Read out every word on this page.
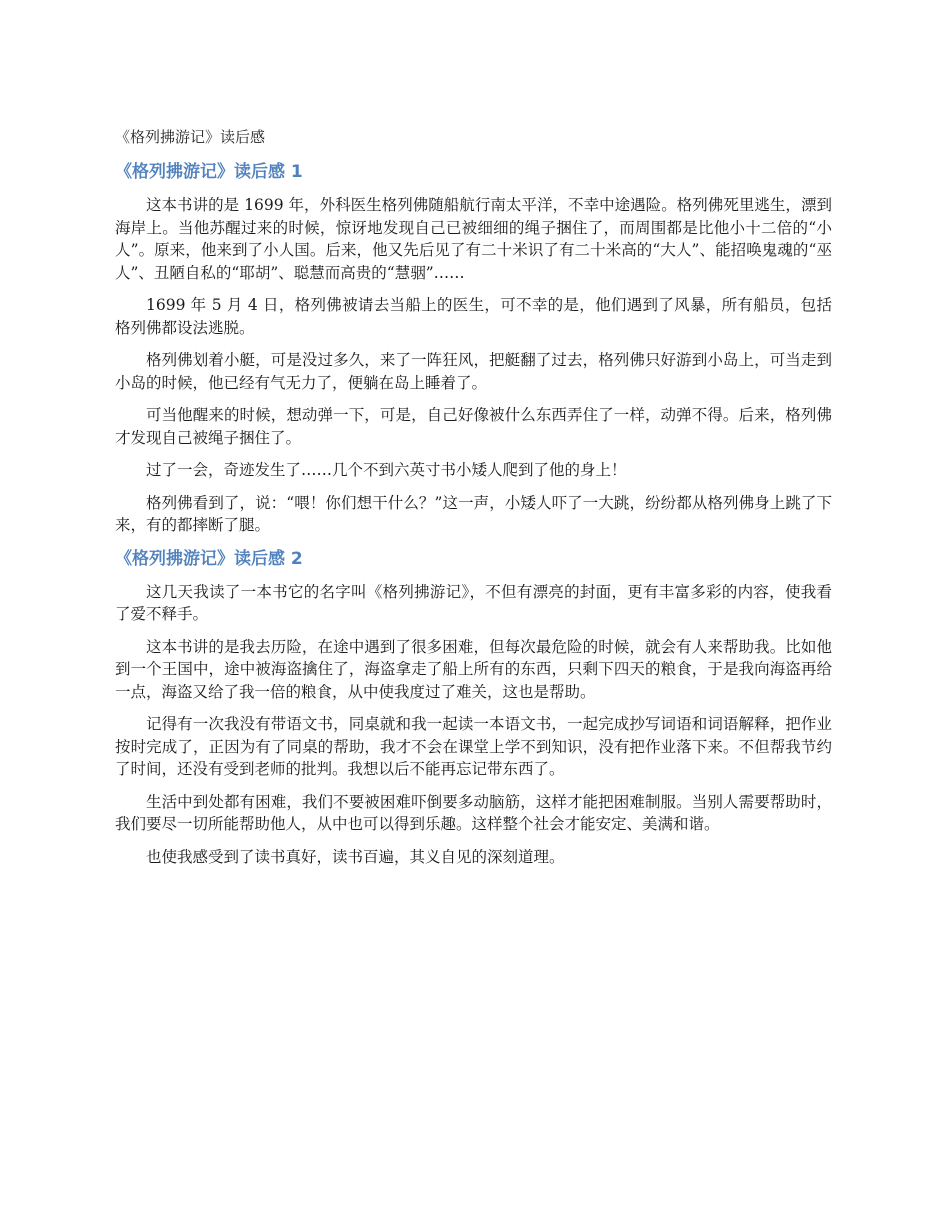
《格列拂游记》读后感
《格列拂游记》读后感 1

这本书讲的是 1699 年，外科医生格列佛随船航行南太平洋，不幸中途遇险。格列佛死里逃生，漂到海岸上。当他苏醒过来的时候，惊讶地发现自己已被细细的绳子捆住了，而周围都是比他小十二倍的“小人”。原来，他来到了小人国。后来，他又先后见了有二十米识了有二十米高的“大人”、能招唤鬼魂的“巫人”、丑陋自私的“耶胡”、聪慧而高贵的“慧骃”……

1699 年 5 月 4 日，格列佛被请去当船上的医生，可不幸的是，他们遇到了风暴，所有船员，包括格列佛都设法逃脱。

格列佛划着小艇，可是没过多久，来了一阵狂风，把艇翻了过去，格列佛只好游到小岛上，可当走到小岛的时候，他已经有气无力了，便躺在岛上睡着了。

可当他醒来的时候，想动弹一下，可是，自己好像被什么东西弄住了一样，动弹不得。后来，格列佛才发现自己被绳子捆住了。

过了一会，奇迹发生了……几个不到六英寸书小矮人爬到了他的身上！

格列佛看到了，说：“喂！你们想干什么？”这一声，小矮人吓了一大跳，纷纷都从格列佛身上跳了下来，有的都摔断了腿。

《格列拂游记》读后感 2

这几天我读了一本书它的名字叫《格列拂游记》，不但有漂亮的封面，更有丰富多彩的内容，使我看了爱不释手。

这本书讲的是我去历险，在途中遇到了很多困难，但每次最危险的时候，就会有人来帮助我。比如他到一个王国中，途中被海盗擒住了，海盗拿走了船上所有的东西，只剩下四天的粮食，于是我向海盗再给一点，海盗又给了我一倍的粮食，从中使我度过了难关，这也是帮助。

记得有一次我没有带语文书，同桌就和我一起读一本语文书，一起完成抄写词语和词语解释，把作业按时完成了，正因为有了同桌的帮助，我才不会在课堂上学不到知识，没有把作业落下来。不但帮我节约了时间，还没有受到老师的批判。我想以后不能再忘记带东西了。

生活中到处都有困难，我们不要被困难吓倒要多动脑筋，这样才能把困难制服。当别人需要帮助时，我们要尽一切所能帮助他人，从中也可以得到乐趣。这样整个社会才能安定、美满和谐。

也使我感受到了读书真好，读书百遍，其义自见的深刻道理。
